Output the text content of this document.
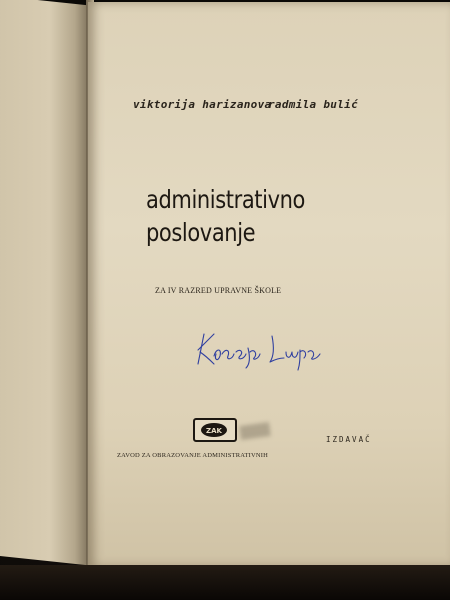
viktorija harizanova
radmila bulić
administrativno
poslovanje
ZA IV RAZRED UPRAVNE ŠKOLE
ZAK
ZAVOD ZA OBRAZOVANJE ADMINISTRATIVNIH
IZDAVAČ
